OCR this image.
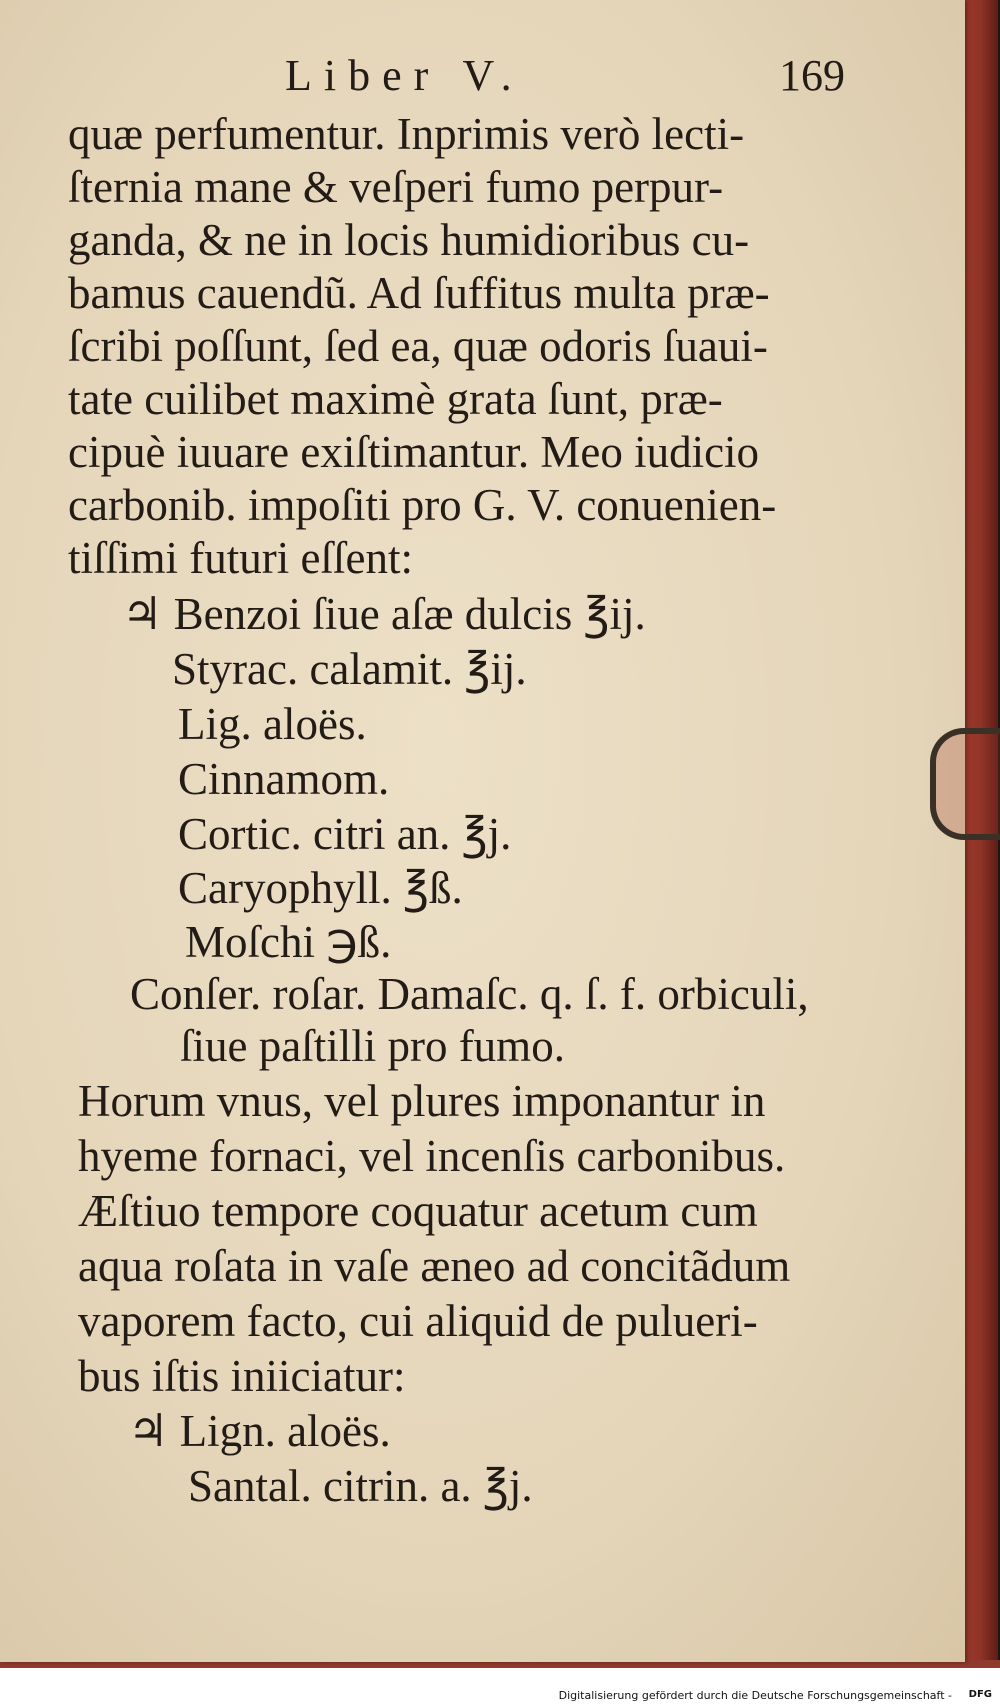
Liber V.	169

quæ perfumentur. Inprimis verò lecti-

ſternia mane & veſperi fumo perpur-

ganda, & ne in locis humidioribus cu-

bamus cauendũ. Ad ſuffitus multa præ-

ſcribi poſſunt, ſed ea, quæ odoris ſuaui-

tate cuilibet maximè grata ſunt, præ-

cipuè iuuare exiſtimantur. Meo iudicio

carbonib. impoſiti pro G. V. conuenien-

tiſſimi futuri eſſent:

♃ Benzoi ſiue aſæ dulcis ℥ij.

Styrac. calamit. ℥ij.

Lig. aloës.

Cinnamom.

Cortic. citri an. ℥j.

Caryophyll. ℥ß.

Moſchi ℈ß.

Conſer. roſar. Damaſc. q. ſ. f. orbiculi,

ſiue paſtilli pro fumo.

Horum vnus, vel plures imponantur in

hyeme fornaci, vel incenſis carbonibus.

Æſtiuo tempore coquatur acetum cum

aqua roſata in vaſe æneo ad concitãdum

vaporem facto, cui aliquid de pulueri-

bus iſtis iniiciatur:

♃ Lign. aloës.

Santal. citrin. a. ℥j.

Digitalisierung gefördert durch die Deutsche Forschungsgemeinschaft - DFG
